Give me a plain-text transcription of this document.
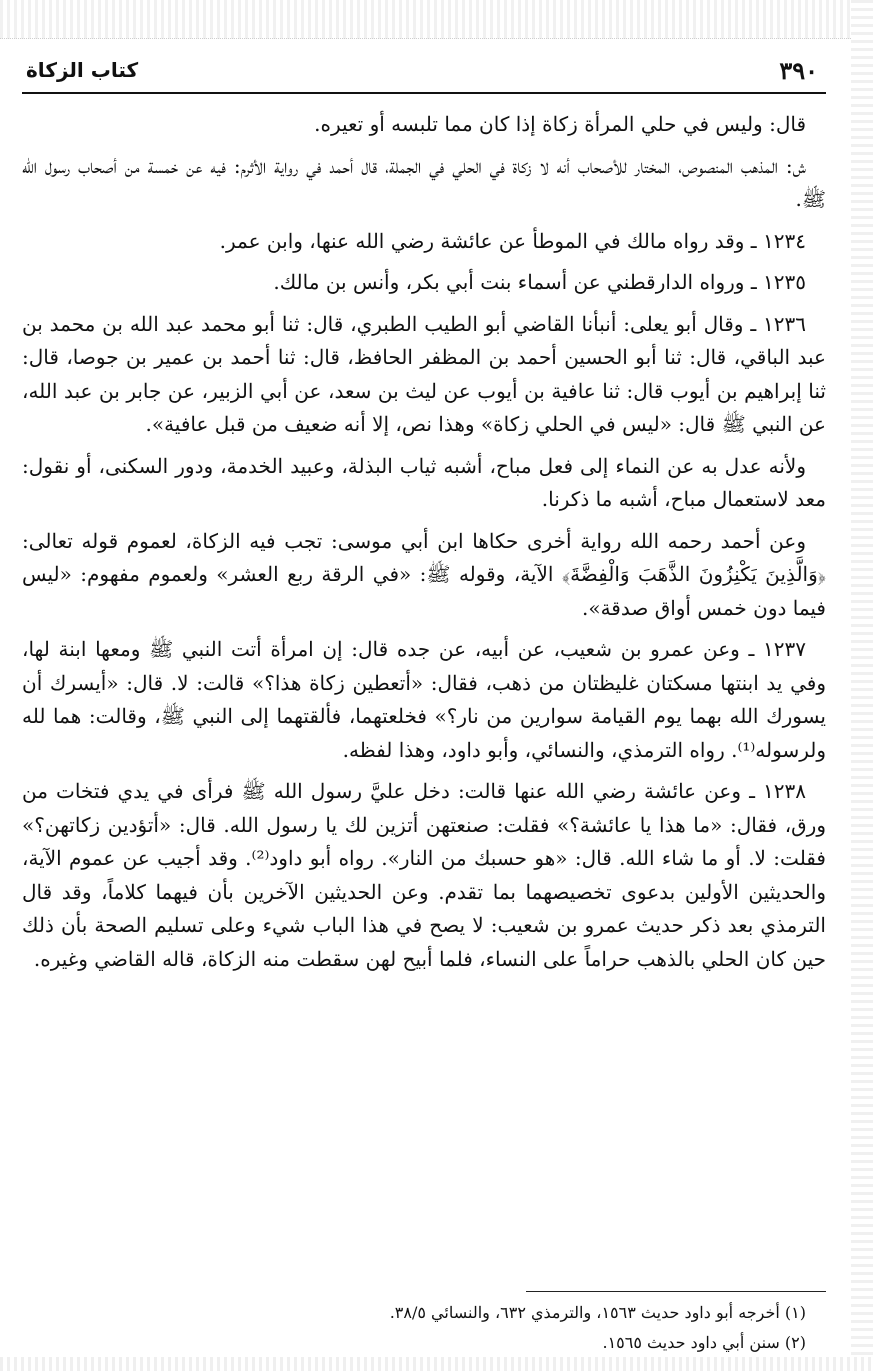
٣٩٠
كتاب الزكاة

قال: وليس في حلي المرأة زكاة إذا كان مما تلبسه أو تعيره.

ش: المذهب المنصوص، المختار للأصحاب أنه لا زكاة في الحلي في الجملة، قال أحمد في رواية الأثرم: فيه عن خمسة من أصحاب رسول الله ﷺ.

١٢٣٤ ـ وقد رواه مالك في الموطأ عن عائشة رضي الله عنها، وابن عمر.

١٢٣٥ ـ ورواه الدارقطني عن أسماء بنت أبي بكر، وأنس بن مالك.

١٢٣٦ ـ وقال أبو يعلى: أنبأنا القاضي أبو الطيب الطبري، قال: ثنا أبو محمد عبد الله بن محمد بن عبد الباقي، قال: ثنا أبو الحسين أحمد بن المظفر الحافظ، قال: ثنا أحمد بن عمير بن جوصا، قال: ثنا إبراهيم بن أيوب قال: ثنا عافية بن أيوب عن ليث بن سعد، عن أبي الزبير، عن جابر بن عبد الله، عن النبي ﷺ قال: «ليس في الحلي زكاة» وهذا نص، إلا أنه ضعيف من قبل عافية».

ولأنه عدل به عن النماء إلى فعل مباح، أشبه ثياب البذلة، وعبيد الخدمة، ودور السكنى، أو نقول: معد لاستعمال مباح، أشبه ما ذكرنا.

وعن أحمد رحمه الله رواية أخرى حكاها ابن أبي موسى: تجب فيه الزكاة، لعموم قوله تعالى: ﴿وَالَّذِينَ يَكْنِزُونَ الذَّهَبَ وَالْفِضَّةَ﴾ الآية، وقوله ﷺ: «في الرقة ربع العشر» ولعموم مفهوم: «ليس فيما دون خمس أواق صدقة».

١٢٣٧ ـ وعن عمرو بن شعيب، عن أبيه، عن جده قال: إن امرأة أتت النبي ﷺ ومعها ابنة لها، وفي يد ابنتها مسكتان غليظتان من ذهب، فقال: «أتعطين زكاة هذا؟» قالت: لا. قال: «أيسرك أن يسورك الله بهما يوم القيامة سوارين من نار؟» فخلعتهما، فألقتهما إلى النبي ﷺ، وقالت: هما لله ولرسوله⁽¹⁾. رواه الترمذي، والنسائي، وأبو داود، وهذا لفظه.

١٢٣٨ ـ وعن عائشة رضي الله عنها قالت: دخل عليَّ رسول الله ﷺ فرأى في يدي فتخات من ورق، فقال: «ما هذا يا عائشة؟» فقلت: صنعتهن أتزين لك يا رسول الله. قال: «أتؤدين زكاتهن؟» فقلت: لا. أو ما شاء الله. قال: «هو حسبك من النار». رواه أبو داود⁽²⁾. وقد أجيب عن عموم الآية، والحديثين الأولين بدعوى تخصيصهما بما تقدم. وعن الحديثين الآخرين بأن فيهما كلاماً، وقد قال الترمذي بعد ذكر حديث عمرو بن شعيب: لا يصح في هذا الباب شيء وعلى تسليم الصحة بأن ذلك حين كان الحلي بالذهب حراماً على النساء، فلما أبيح لهن سقطت منه الزكاة، قاله القاضي وغيره.

(١) أخرجه أبو داود حديث ١٥٦٣، والترمذي ٦٣٢، والنسائي ٣٨/٥.

(٢) سنن أبي داود حديث ١٥٦٥.
